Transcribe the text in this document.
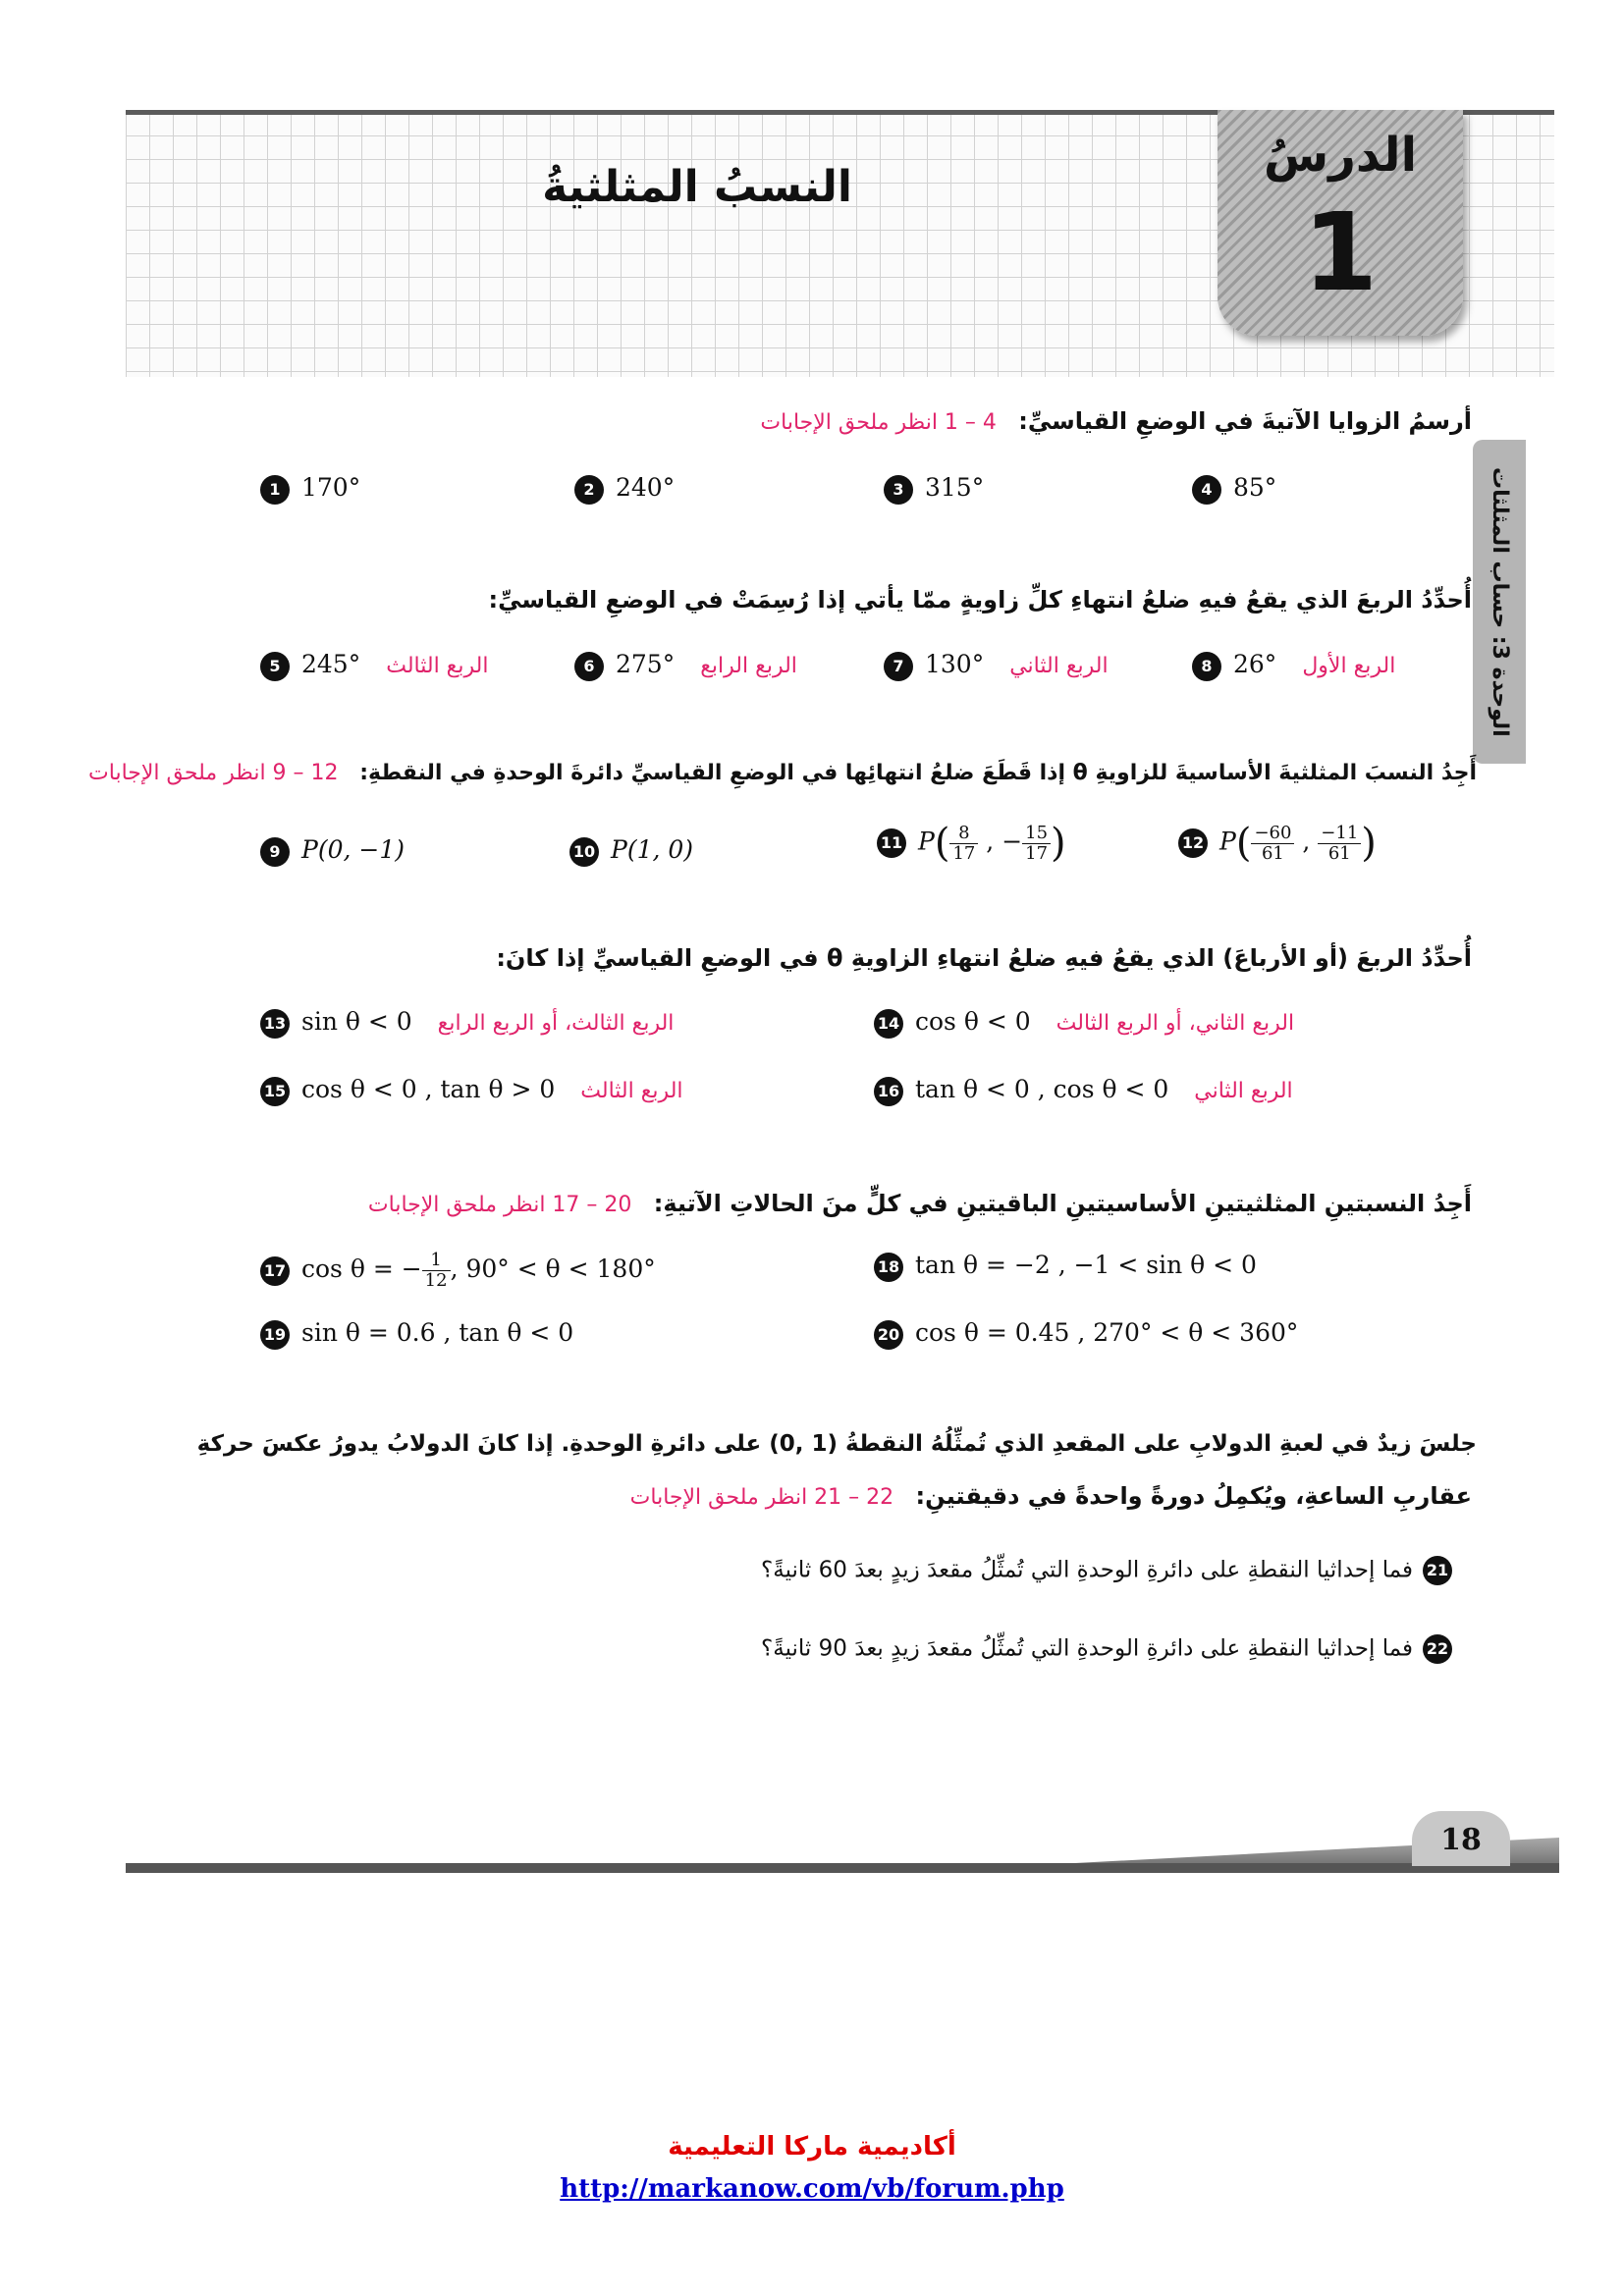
النسبُ المثلثيةُ
الدرسُ
1
الوحدة 3: حساب المثلثات
أرسمُ الزوايا الآتيةَ في الوضعِ القياسيِّ: 4 – 1 انظر ملحق الإجابات
1 170°	2 240°	3 315°	4 85°
أُحدِّدُ الربعَ الذي يقعُ فيهِ ضلعُ انتهاءِ كلِّ زاويةٍ ممّا يأتي إذا رُسِمَتْ في الوضعِ القياسيِّ:
5 245° الربع الثالث	6 275° الربع الرابع	7 130° الربع الثاني	8 26° الربع الأول
أَجِدُ النسبَ المثلثيةَ الأساسيةَ للزاويةِ θ إذا قَطَعَ ضلعُ انتهائِها في الوضعِ القياسيِّ دائرةَ الوحدةِ في النقطةِ: 12 – 9 انظر ملحق الإجابات
9 P(0, −1)	10 P(1, 0)	11 $P( \frac{8}{17}$ , − $\frac{15}{17}$ )	12 $P( \frac{-60}{61}$ , $\frac{-11}{61}$ )
أُحدِّدُ الربعَ (أو الأرباعَ) الذي يقعُ فيهِ ضلعُ انتهاءِ الزاويةِ θ في الوضعِ القياسيِّ إذا كانَ:
13 sin θ < 0 الربع الثالث، أو الربع الرابع	14 cos θ < 0 الربع الثاني، أو الربع الثالث
15 cos θ < 0 , tan θ > 0 الربع الثالث	16 tan θ < 0 , cos θ < 0 الربع الثاني
أَجِدُ النسبتينِ المثلثيتينِ الأساسيتينِ الباقيتينِ في كلٍّ منَ الحالاتِ الآتيةِ: 20 – 17 انظر ملحق الإجابات
17 cos θ = − $\frac{1}{12}$ , 90° < θ < 180°	18 tan θ = −2 , −1 < sin θ < 0
19 sin θ = 0.6 , tan θ < 0	20 cos θ = 0.45 , 270° < θ < 360°
جلسَ زيدٌ في لعبةِ الدولابِ على المقعدِ الذي تُمثِّلُهُ النقطةُ (1 ,0) على دائرةِ الوحدةِ. إذا كانَ الدولابُ يدورُ عكسَ حركةِ
عقاربِ الساعةِ، ويُكمِلُ دورةً واحدةً في دقيقتينِ: 22 – 21 انظر ملحق الإجابات
21فما إحداثيا النقطةِ على دائرةِ الوحدةِ التي تُمثِّلُ مقعدَ زيدٍ بعدَ 60 ثانيةً؟
22فما إحداثيا النقطةِ على دائرةِ الوحدةِ التي تُمثِّلُ مقعدَ زيدٍ بعدَ 90 ثانيةً؟
18
أكاديمية ماركا التعليمية
http://markanow.com/vb/forum.php
